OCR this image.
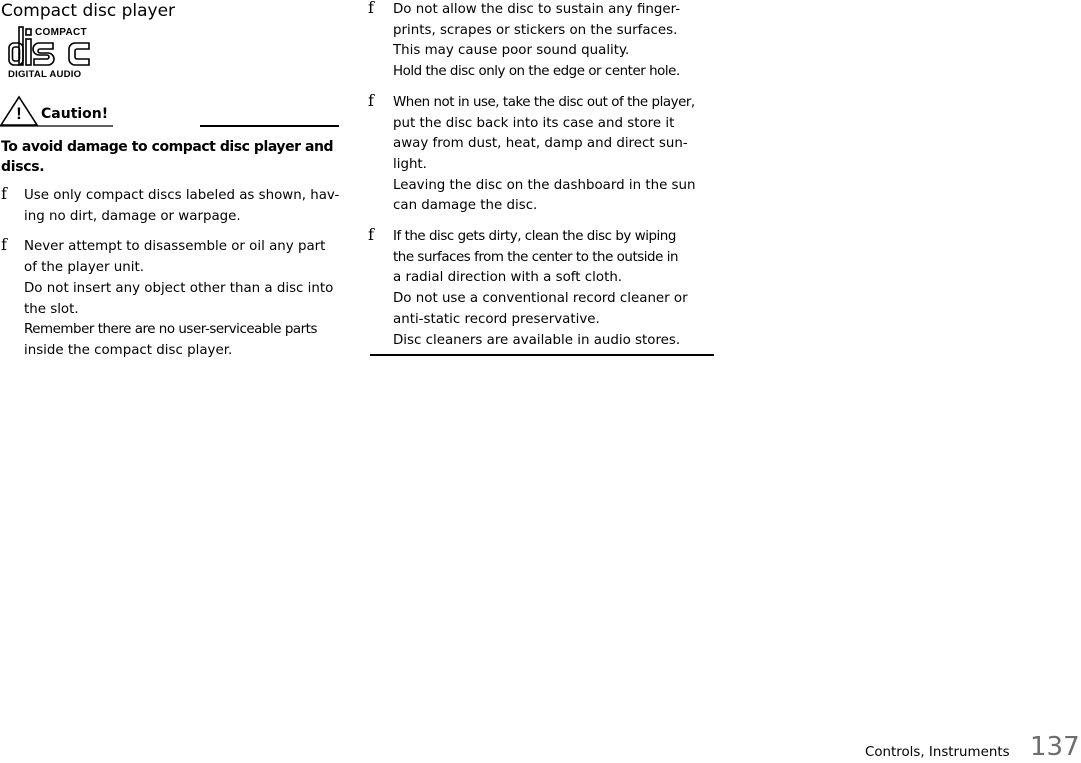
Compact disc player
COMPACT
DIGITAL AUDIO
! Caution!
To avoid damage to compact disc player and
discs.
f Use only compact discs labeled as shown, hav-
ing no dirt, damage or warpage.
f Never attempt to disassemble or oil any part
of the player unit.
Do not insert any object other than a disc into
the slot.
Remember there are no user-serviceable parts
inside the compact disc player.
f Do not allow the disc to sustain any finger-
prints, scrapes or stickers on the surfaces.
This may cause poor sound quality.
Hold the disc only on the edge or center hole.
f When not in use, take the disc out of the player,
put the disc back into its case and store it
away from dust, heat, damp and direct sun-
light.
Leaving the disc on the dashboard in the sun
can damage the disc.
f If the disc gets dirty, clean the disc by wiping
the surfaces from the center to the outside in
a radial direction with a soft cloth.
Do not use a conventional record cleaner or
anti-static record preservative.
Disc cleaners are available in audio stores.
Controls, Instruments 137
